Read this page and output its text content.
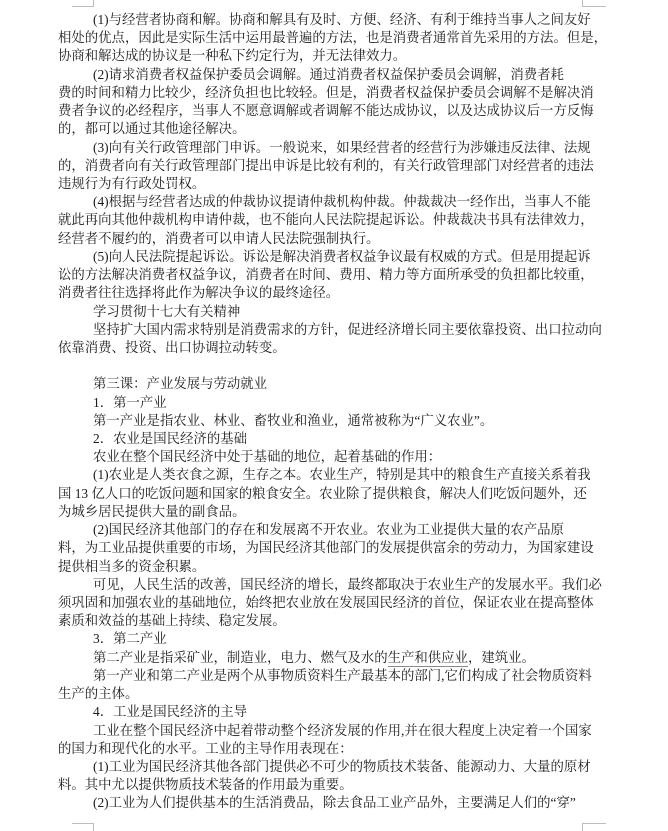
(1)与经营者协商和解。协商和解具有及时、方便、经济、有利于维持当事人之间友好
相处的优点，因此是实际生活中运用最普遍的方法，也是消费者通常首先采用的方法。但是，
协商和解达成的协议是一种私下约定行为，并无法律效力。
(2)请求消费者权益保护委员会调解。通过消费者权益保护委员会调解，消费者耗
费的时间和精力比较少，经济负担也比较轻。但是，消费者权益保护委员会调解不是解决消
费者争议的必经程序，当事人不愿意调解或者调解不能达成协议，以及达成协议后一方反悔
的，都可以通过其他途径解决。
(3)向有关行政管理部门申诉。一般说来，如果经营者的经营行为涉嫌违反法律、法规
的，消费者向有关行政管理部门提出申诉是比较有利的，有关行政管理部门对经营者的违法
违规行为有行政处罚权。
(4)根据与经营者达成的仲裁协议提请仲裁机构仲裁。仲裁裁决一经作出，当事人不能
就此再向其他仲裁机构申请仲裁，也不能向人民法院提起诉讼。仲裁裁决书具有法律效力，
经营者不履约的，消费者可以申请人民法院强制执行。
(5)向人民法院提起诉讼。诉讼是解决消费者权益争议最有权威的方式。但是用提起诉
讼的方法解决消费者权益争议，消费者在时间、费用、精力等方面所承受的负担都比较重，
消费者往往选择将此作为解决争议的最终途径。
学习贯彻十七大有关精神
坚持扩大国内需求特别是消费需求的方针，促进经济增长同主要依靠投资、出口拉动向
依靠消费、投资、出口协调拉动转变。

第三课：产业发展与劳动就业
1．第一产业
第一产业是指农业、林业、畜牧业和渔业，通常被称为“广义农业”。
2．农业是国民经济的基础
农业在整个国民经济中处于基础的地位，起着基础的作用：
(1)农业是人类衣食之源，生存之本。农业生产，特别是其中的粮食生产直接关系着我
国 13 亿人口的吃饭问题和国家的粮食安全。农业除了提供粮食，解决人们吃饭问题外，还
为城乡居民提供大量的副食品。
(2)国民经济其他部门的存在和发展离不开农业。农业为工业提供大量的农产品原
料，为工业品提供重要的市场，为国民经济其他部门的发展提供富余的劳动力，为国家建设
提供相当多的资金积累。
可见，人民生活的改善，国民经济的增长，最终都取决于农业生产的发展水平。我们必
须巩固和加强农业的基础地位，始终把农业放在发展国民经济的首位，保证农业在提高整体
素质和效益的基础上持续、稳定发展。
3．第二产业
第二产业是指采矿业，制造业，电力、燃气及水的生产和供应业，建筑业。
第一产业和第二产业是两个从事物质资料生产最基本的部门,它们构成了社会物质资料
生产的主体。
4．工业是国民经济的主导
工业在整个国民经济中起着带动整个经济发展的作用,并在很大程度上决定着一个国家
的国力和现代化的水平。工业的主导作用表现在：
(1)工业为国民经济其他各部门提供必不可少的物质技术装备、能源动力、大量的原材
料。其中尤以提供物质技术装备的作用最为重要。
(2)工业为人们提供基本的生活消费品，除去食品工业产品外，主要满足人们的“穿”
